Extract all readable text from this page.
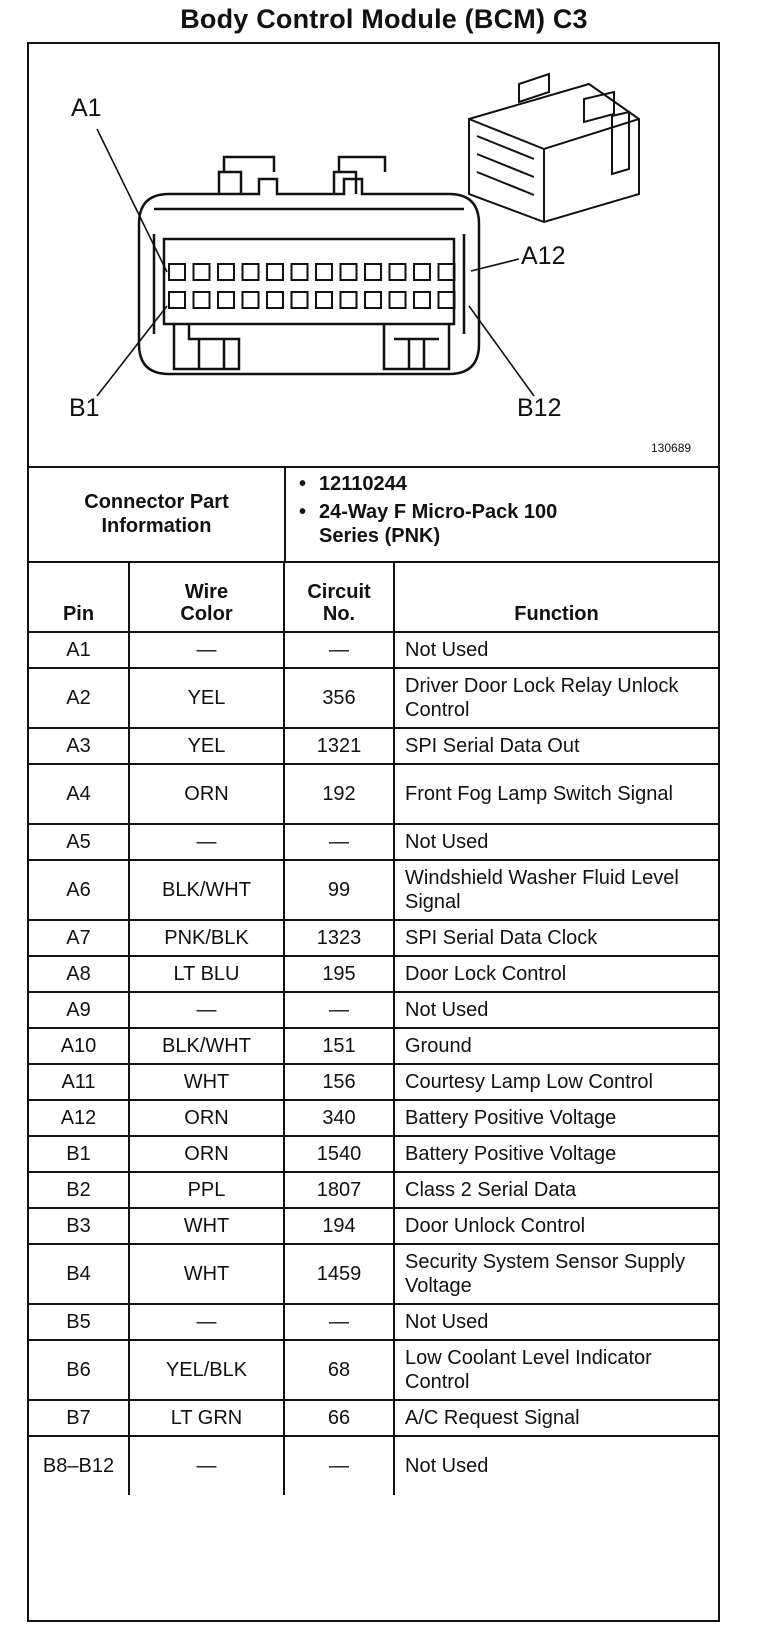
Body Control Module (BCM) C3
A1
A12
B1	B12
130689
Connector Part Information
• 12110244
• 24-Way F Micro-Pack 100 Series (PNK)
Pin	Wire Color	Circuit No.	Function
A1	—	—	Not Used
A2	YEL	356	Driver Door Lock Relay Unlock Control
A3	YEL	1321	SPI Serial Data Out
A4	ORN	192	Front Fog Lamp Switch Signal
A5	—	—	Not Used
A6	BLK/WHT	99	Windshield Washer Fluid Level Signal
A7	PNK/BLK	1323	SPI Serial Data Clock
A8	LT BLU	195	Door Lock Control
A9	—	—	Not Used
A10	BLK/WHT	151	Ground
A11	WHT	156	Courtesy Lamp Low Control
A12	ORN	340	Battery Positive Voltage
B1	ORN	1540	Battery Positive Voltage
B2	PPL	1807	Class 2 Serial Data
B3	WHT	194	Door Unlock Control
B4	WHT	1459	Security System Sensor Supply Voltage
B5	—	—	Not Used
B6	YEL/BLK	68	Low Coolant Level Indicator Control
B7	LT GRN	66	A/C Request Signal
B8–B12	—	—	Not Used
